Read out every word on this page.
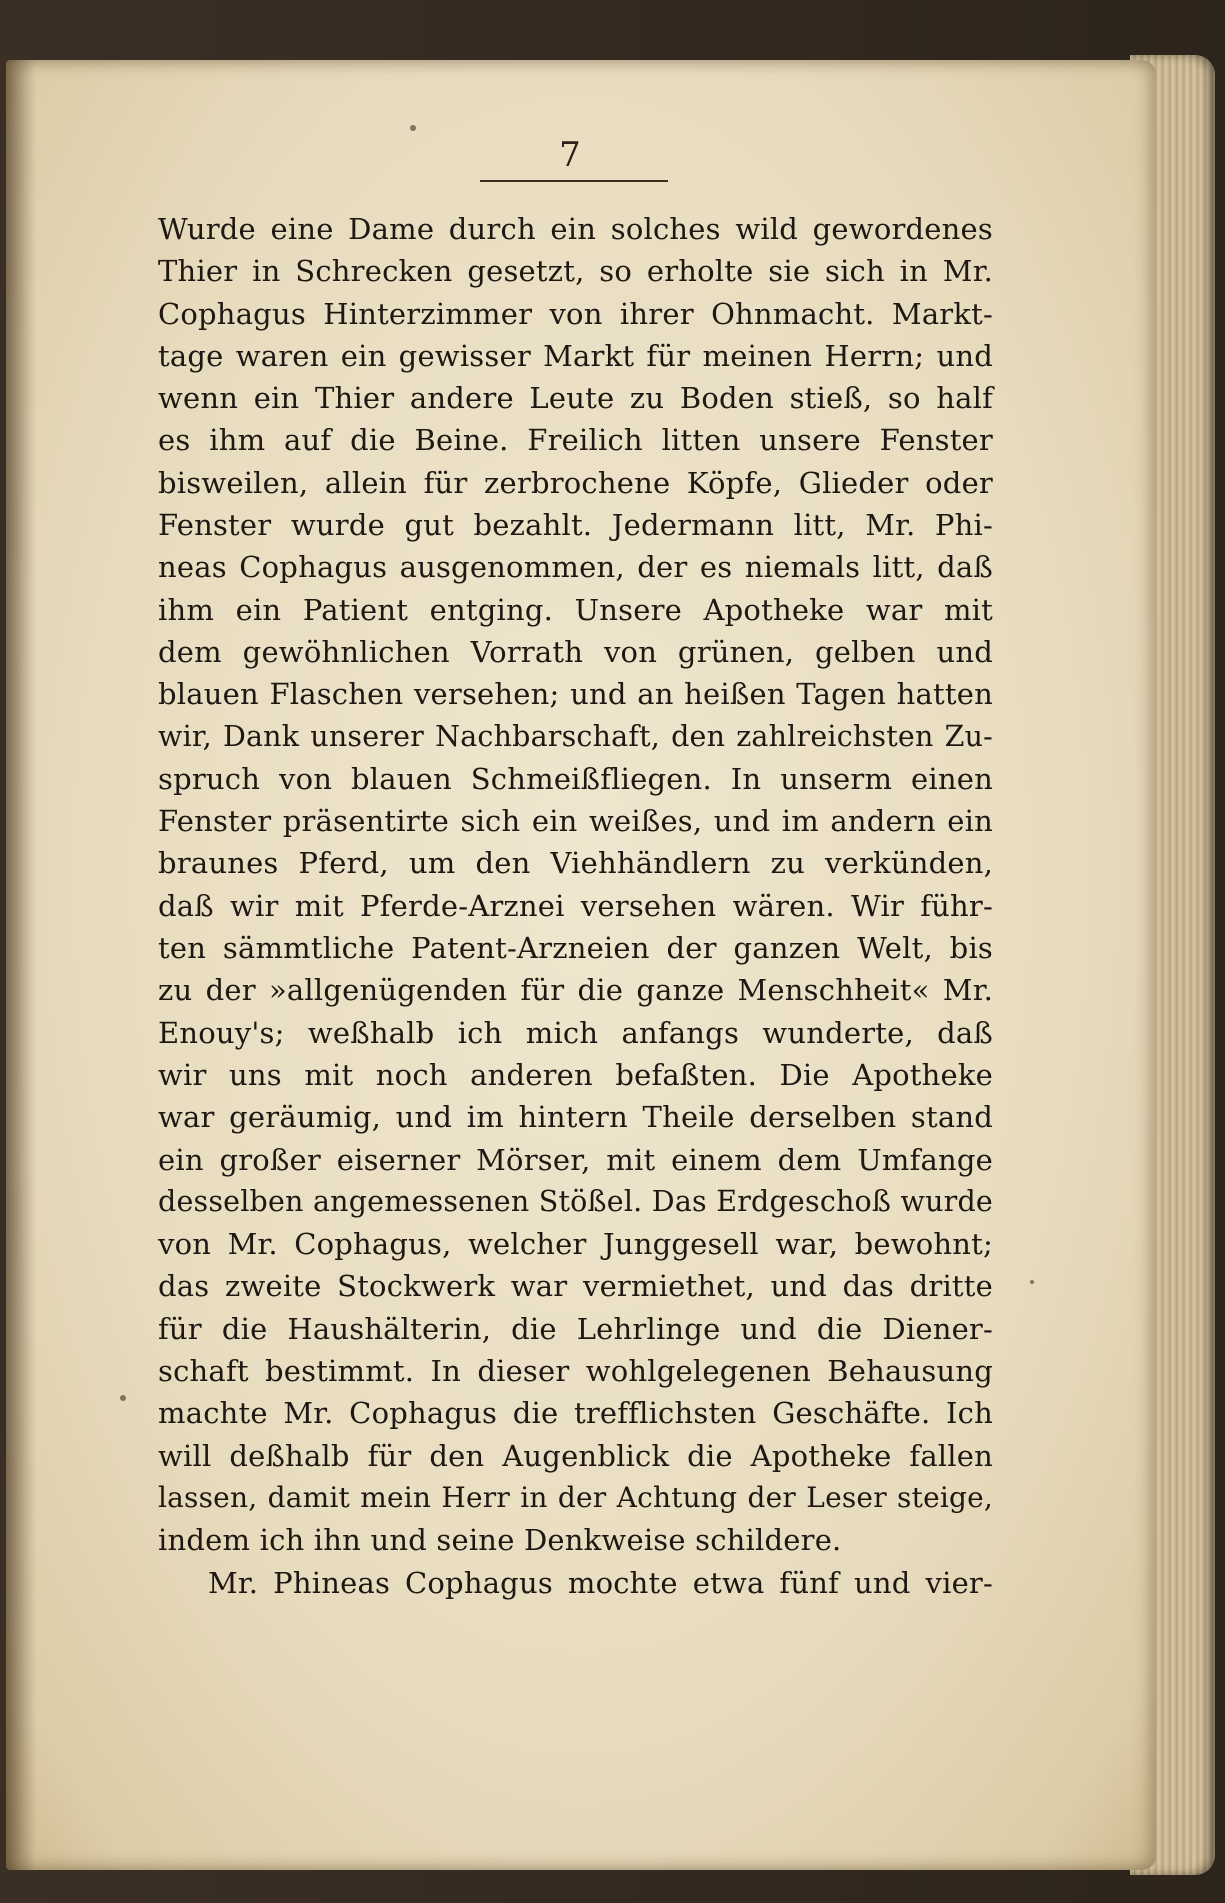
7
Wurde eine Dame durch ein solches wild gewordenes
Thier in Schrecken gesetzt, so erholte sie sich in Mr.
Cophagus Hinterzimmer von ihrer Ohnmacht. Markt-
tage waren ein gewisser Markt für meinen Herrn; und
wenn ein Thier andere Leute zu Boden stieß, so half
es ihm auf die Beine. Freilich litten unsere Fenster
bisweilen, allein für zerbrochene Köpfe, Glieder oder
Fenster wurde gut bezahlt. Jedermann litt, Mr. Phi-
neas Cophagus ausgenommen, der es niemals litt, daß
ihm ein Patient entging. Unsere Apotheke war mit
dem gewöhnlichen Vorrath von grünen, gelben und
blauen Flaschen versehen; und an heißen Tagen hatten
wir, Dank unserer Nachbarschaft, den zahlreichsten Zu-
spruch von blauen Schmeißfliegen. In unserm einen
Fenster präsentirte sich ein weißes, und im andern ein
braunes Pferd, um den Viehhändlern zu verkünden,
daß wir mit Pferde-Arznei versehen wären. Wir führ-
ten sämmtliche Patent-Arzneien der ganzen Welt, bis
zu der »allgenügenden für die ganze Menschheit« Mr.
Enouy's; weßhalb ich mich anfangs wunderte, daß
wir uns mit noch anderen befaßten. Die Apotheke
war geräumig, und im hintern Theile derselben stand
ein großer eiserner Mörser, mit einem dem Umfange
desselben angemessenen Stößel. Das Erdgeschoß wurde
von Mr. Cophagus, welcher Junggesell war, bewohnt;
das zweite Stockwerk war vermiethet, und das dritte
für die Haushälterin, die Lehrlinge und die Diener-
schaft bestimmt. In dieser wohlgelegenen Behausung
machte Mr. Cophagus die trefflichsten Geschäfte. Ich
will deßhalb für den Augenblick die Apotheke fallen
lassen, damit mein Herr in der Achtung der Leser steige,
indem ich ihn und seine Denkweise schildere.
Mr. Phineas Cophagus mochte etwa fünf und vier-
